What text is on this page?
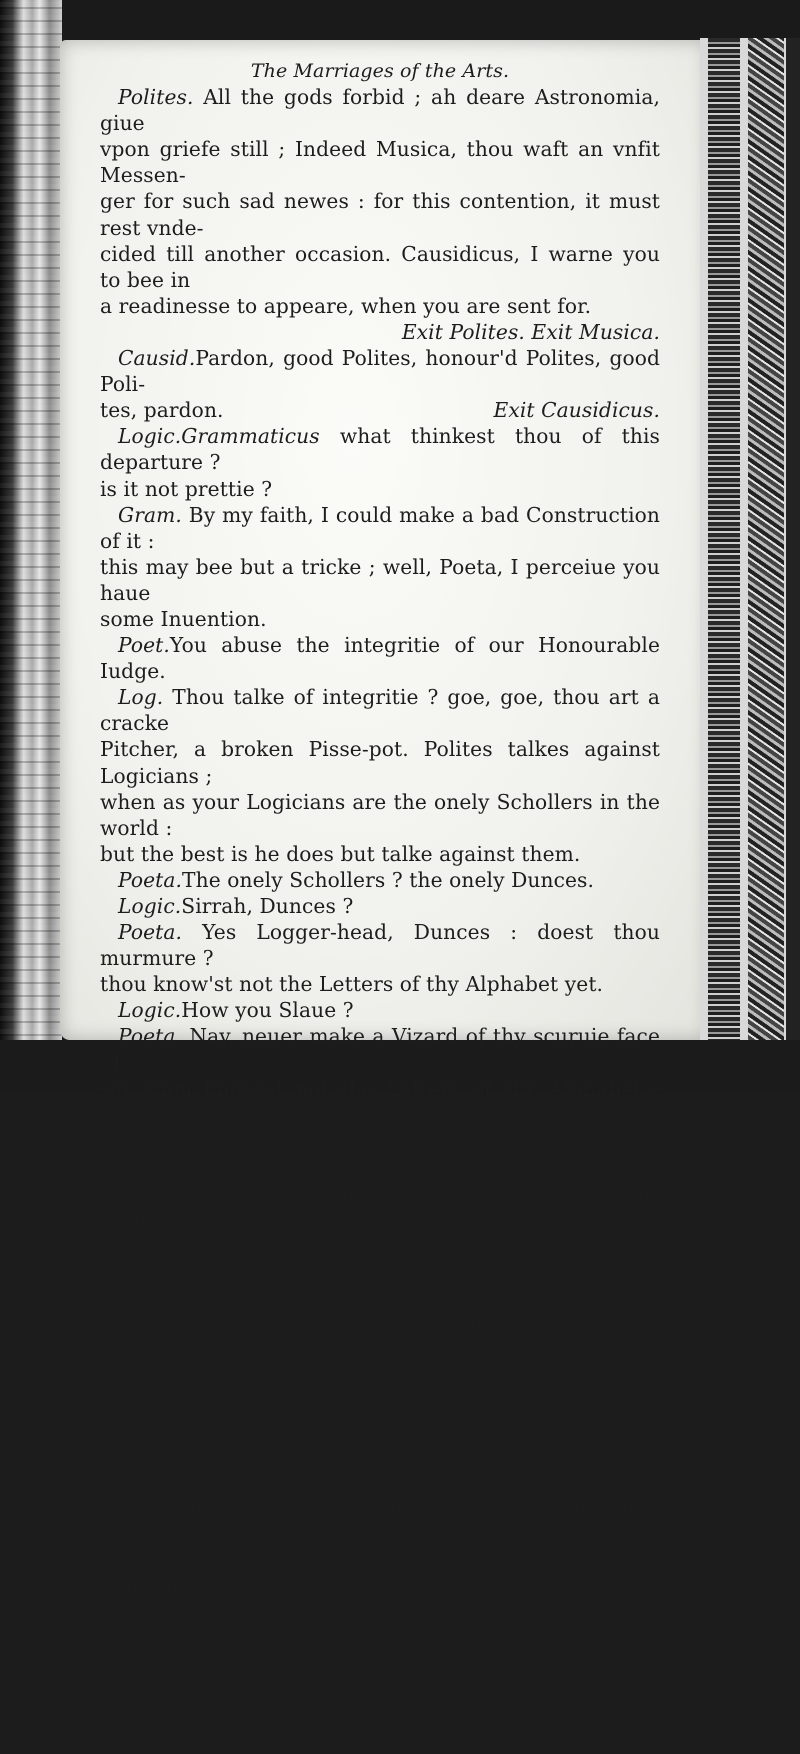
The Marriages of the Arts.

Polites. All the gods forbid ; ah deare Astronomia, giue

vpon griefe still ; Indeed Musica, thou waft an vnfit Messen-

ger for such sad newes : for this contention, it must rest vnde-

cided till another occasion. Causidicus, I warne you to bee in

a readinesse to appeare, when you are sent for.

Exit Polites. Exit Musica.

Causid.Pardon, good Polites, honour'd Polites, good Poli-

tes, pardon.	Exit Causidicus.

Logic.Grammaticus what thinkest thou of this departure ?

is it not prettie ?

Gram. By my faith, I could make a bad Construction of it :

this may bee but a tricke ; well, Poeta, I perceiue you haue

some Inuention.

Poet.You abuse the integritie of our Honourable Iudge.

Log. Thou talke of integritie ? goe, goe, thou art a cracke

Pitcher, a broken Pisse-pot. Polites talkes against Logicians ;

when as your Logicians are the onely Schollers in the world :

but the best is he does but talke against them.

Poeta.The onely Schollers ? the onely Dunces.

Logic.Sirrah, Dunces ?

Poeta. Yes Logger-head, Dunces : doest thou murmure ?

thou know'st not the Letters of thy Alphabet yet.

Logic.How you Slaue ?

Poeta. Nay, neuer make a Vizard of thy scuruie face : I

say thou know'st not the Letters of thy Alphabet : haue not I

heard thee say ? Omne A.est B. Omne B.est C. Ergo Omne A.

est C. and indeed I thinke there is a like reason, for A. may

as well bee C. as B. but fare you well Blockhead, fare you

well.	Exit.

Gram. And my Choler were here, hee'd haue him by the

eares : come let's begonne, here's nothing to be done : are

these your Law-cases ? a murren on them, they are Datiue

cases to the Lawyers ; but Ablatiue to the Clients.

Log. Come, come ; I'm sure our case is in a fine Predica-

ment : I thinke we haue beene put off long enough : i'faith all

Law-cases shall hereafter be no more put in the Predicament

of Action ; but of Quando, of Quando ; a plague of these

Lawyers.	Exeunt Log. & Grammat.

M 2	ACTVS
